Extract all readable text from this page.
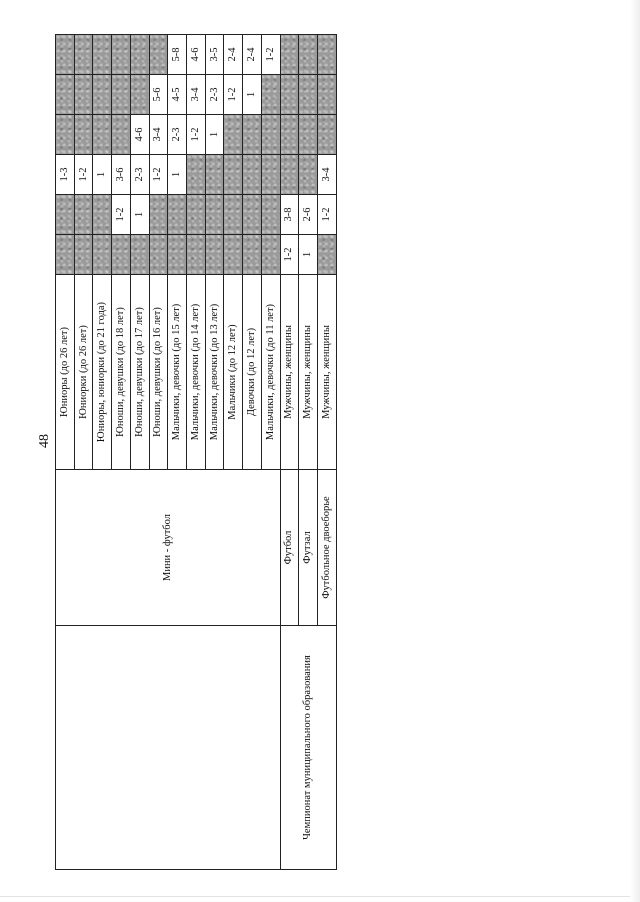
48
	Мини - футбол	Юниоры (до 26 лет)			1-3			
		Юниорки (до 26 лет)			1-2			
		Юниоры, юниорки (до 21 года)			1			
		Юноши, девушки (до 18 лет)		1-2	3-6			
		Юноши, девушки (до 17 лет)		1	2-3	4-6		
		Юноши, девушки (до 16 лет)			1-2	3-4	5-6	
		Мальчики, девочки (до 15 лет)			1	2-3	4-5	5-8
		Мальчики, девочки (до 14 лет)				1-2	3-4	4-6
		Мальчики, девочки (до 13 лет)				1	2-3	3-5
		Мальчики (до 12 лет)					1-2	2-4
		Девочки (до 12 лет)					1	2-4
		Мальчики, девочки (до 11 лет)						1-2
Чемпионат муниципального образования	Футбол	Мужчины, женщины	1-2	3-8				
	Футзал	Мужчины, женщины	1	2-6				
	Футбольное двоеборье	Мужчины, женщины		1-2	3-4			
